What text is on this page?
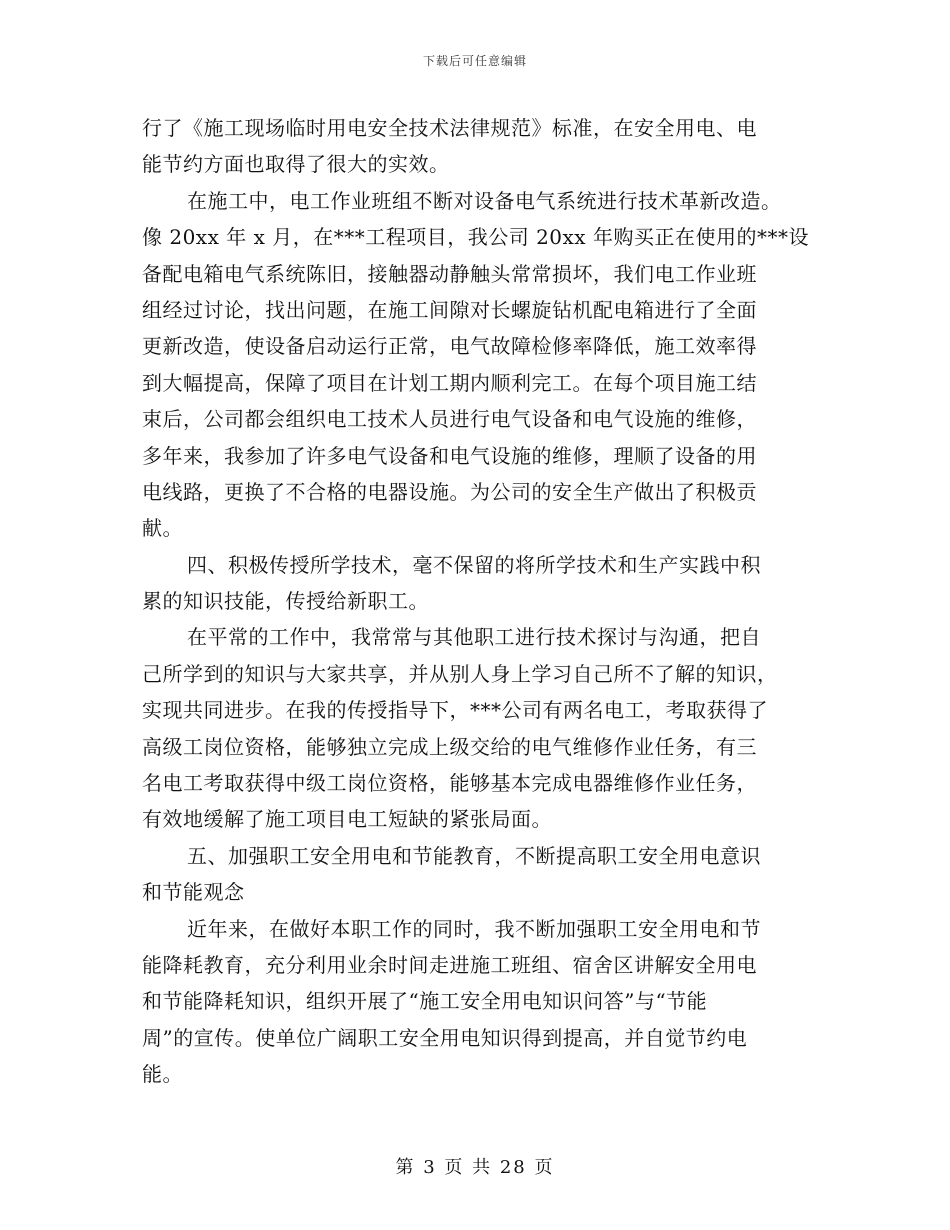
下载后可任意编辑
行了《施工现场临时用电安全技术法律规范》标准，在安全用电、电
能节约方面也取得了很大的实效。
在施工中，电工作业班组不断对设备电气系统进行技术革新改造。
像 20xx 年 x 月，在***工程项目，我公司 20xx 年购买正在使用的***设
备配电箱电气系统陈旧，接触器动静触头常常损坏，我们电工作业班
组经过讨论，找出问题，在施工间隙对长螺旋钻机配电箱进行了全面
更新改造，使设备启动运行正常，电气故障检修率降低，施工效率得
到大幅提高，保障了项目在计划工期内顺利完工。在每个项目施工结
束后，公司都会组织电工技术人员进行电气设备和电气设施的维修，
多年来，我参加了许多电气设备和电气设施的维修，理顺了设备的用
电线路，更换了不合格的电器设施。为公司的安全生产做出了积极贡
献。
四、积极传授所学技术，毫不保留的将所学技术和生产实践中积
累的知识技能，传授给新职工。
在平常的工作中，我常常与其他职工进行技术探讨与沟通，把自
己所学到的知识与大家共享，并从别人身上学习自己所不了解的知识，
实现共同进步。在我的传授指导下，***公司有两名电工，考取获得了
高级工岗位资格，能够独立完成上级交给的电气维修作业任务，有三
名电工考取获得中级工岗位资格，能够基本完成电器维修作业任务，
有效地缓解了施工项目电工短缺的紧张局面。
五、加强职工安全用电和节能教育，不断提高职工安全用电意识
和节能观念
近年来，在做好本职工作的同时，我不断加强职工安全用电和节
能降耗教育，充分利用业余时间走进施工班组、宿舍区讲解安全用电
和节能降耗知识，组织开展了“施工安全用电知识问答”与“节能
周”的宣传。使单位广阔职工安全用电知识得到提高，并自觉节约电
能。
第 3 页 共 28 页
